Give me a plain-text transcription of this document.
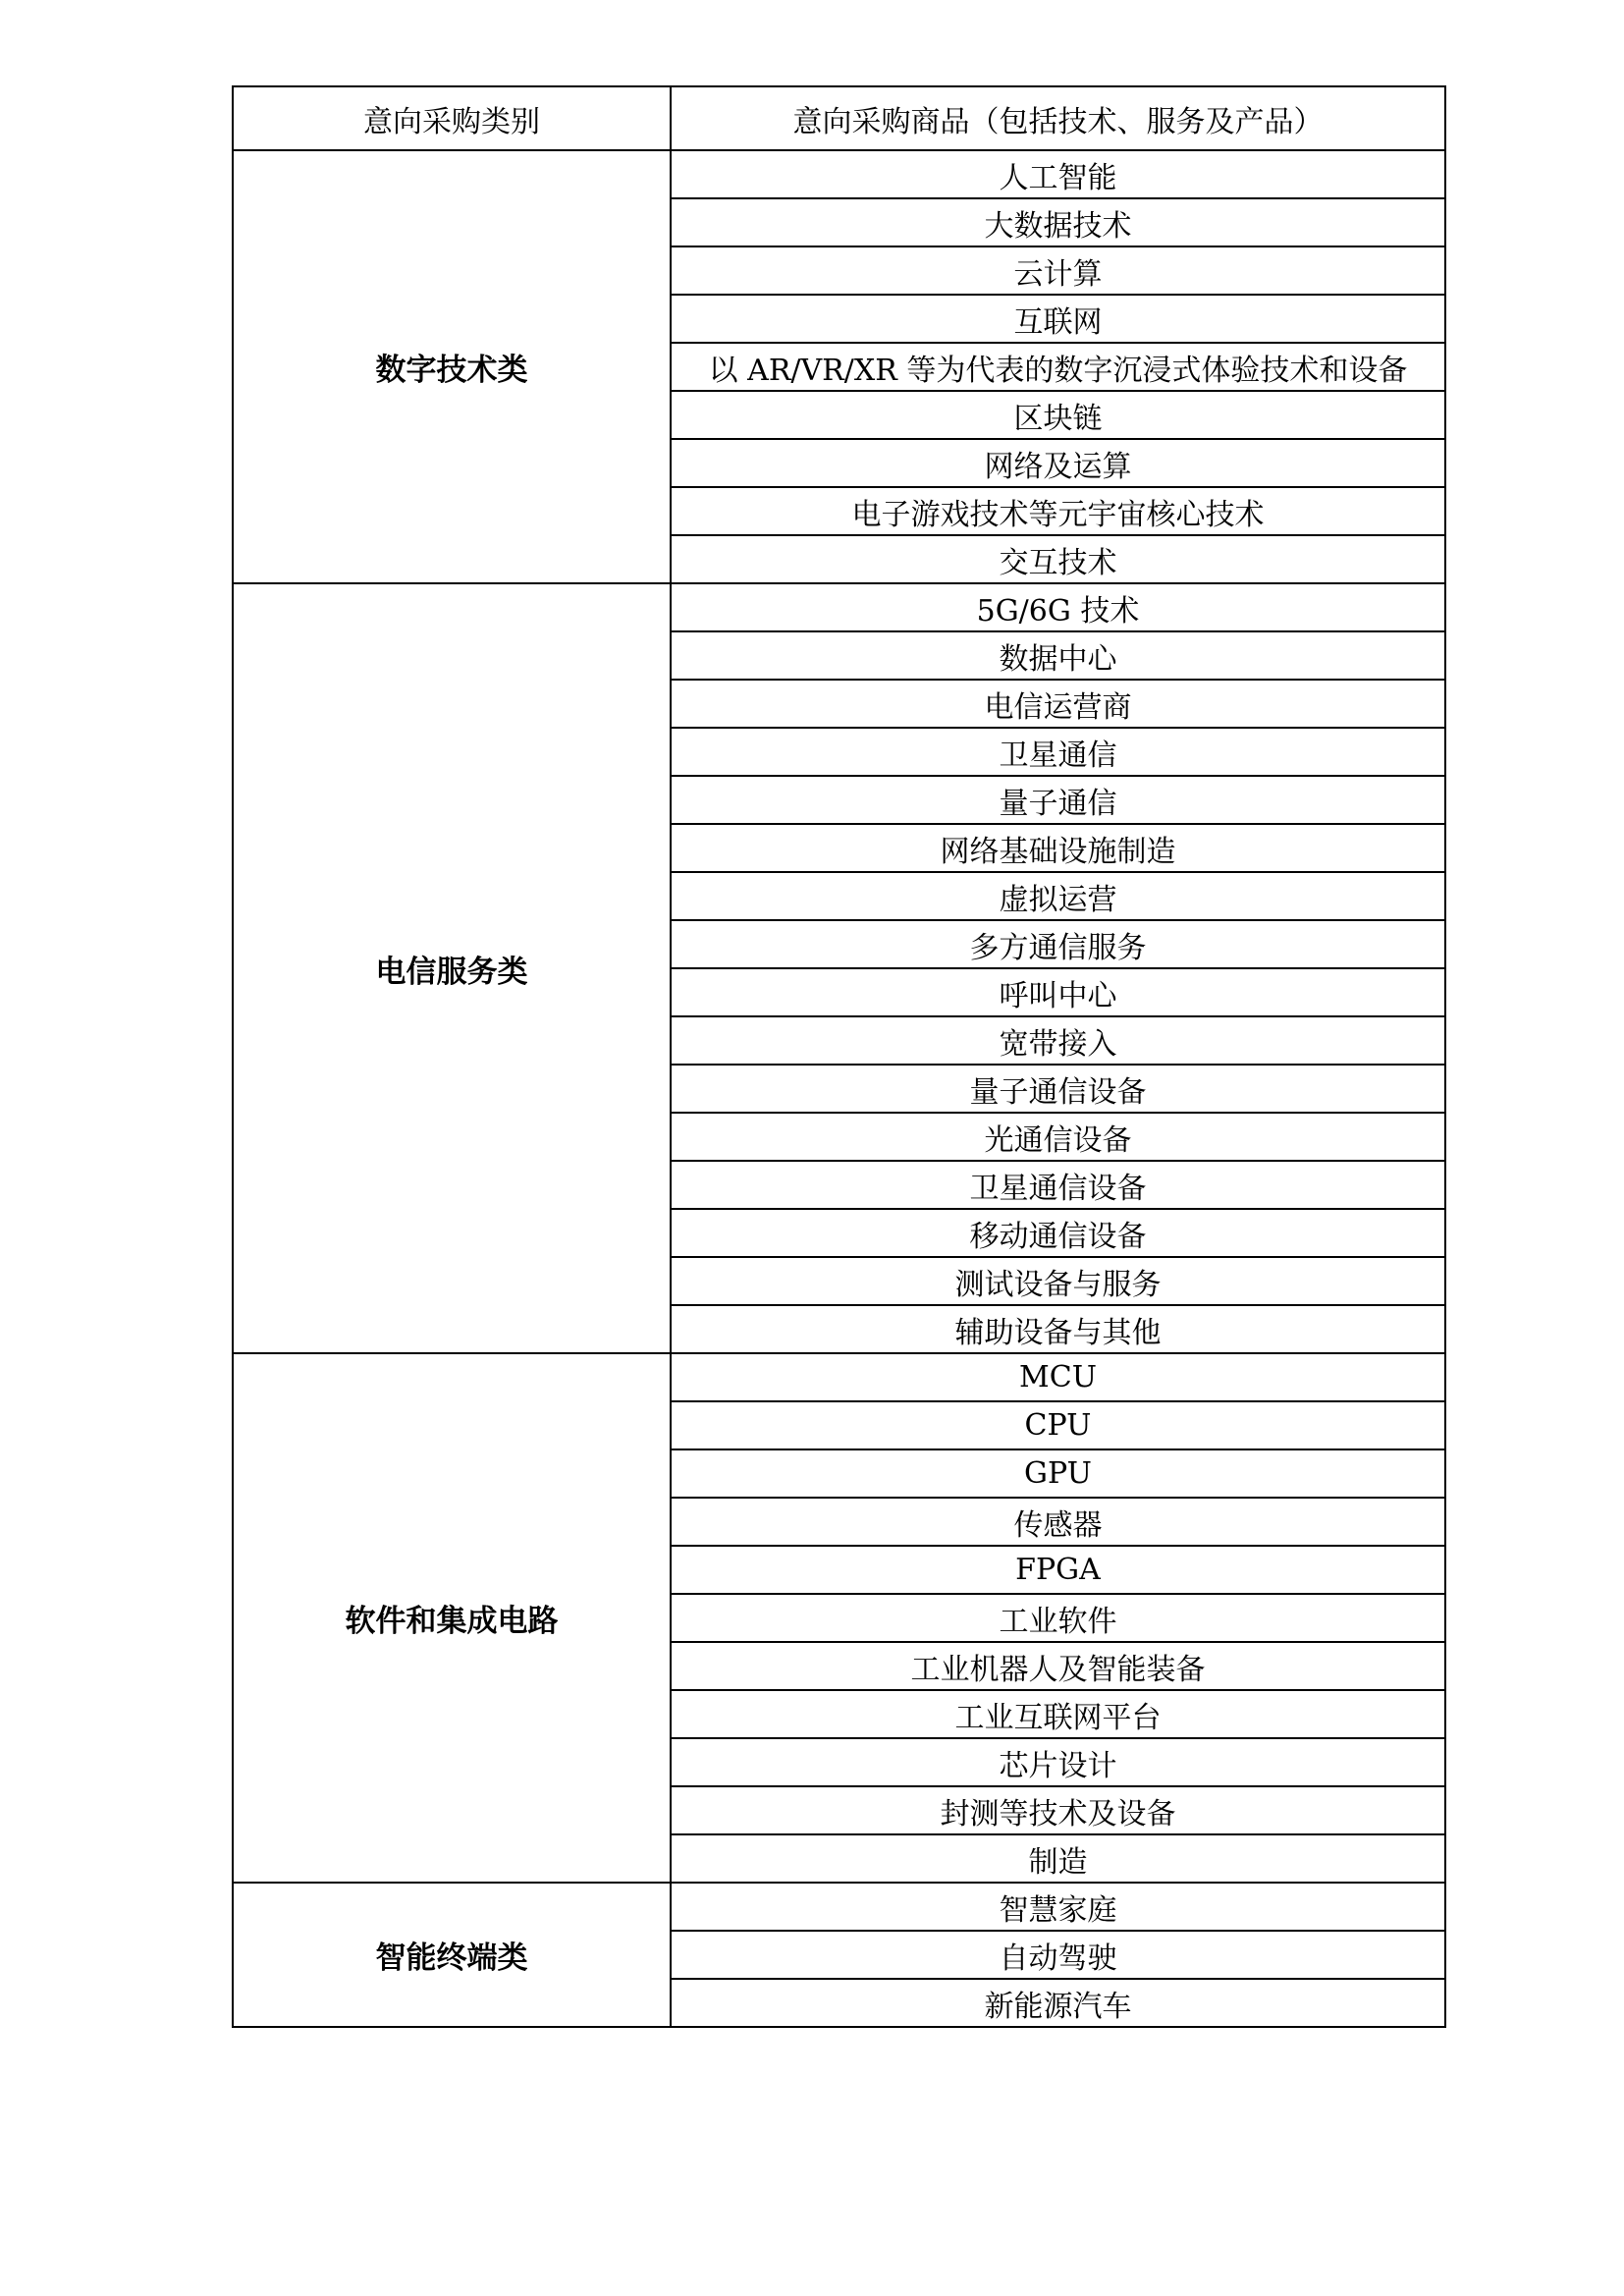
意向采购类别	意向采购商品（包括技术、服务及产品）
数字技术类	人工智能
	大数据技术
	云计算
	互联网
	以 AR/VR/XR 等为代表的数字沉浸式体验技术和设备
	区块链
	网络及运算
	电子游戏技术等元宇宙核心技术
	交互技术
电信服务类	5G/6G 技术
	数据中心
	电信运营商
	卫星通信
	量子通信
	网络基础设施制造
	虚拟运营
	多方通信服务
	呼叫中心
	宽带接入
	量子通信设备
	光通信设备
	卫星通信设备
	移动通信设备
	测试设备与服务
	辅助设备与其他
软件和集成电路	MCU
	CPU
	GPU
	传感器
	FPGA
	工业软件
	工业机器人及智能装备
	工业互联网平台
	芯片设计
	封测等技术及设备
	制造
智能终端类	智慧家庭
	自动驾驶
	新能源汽车
